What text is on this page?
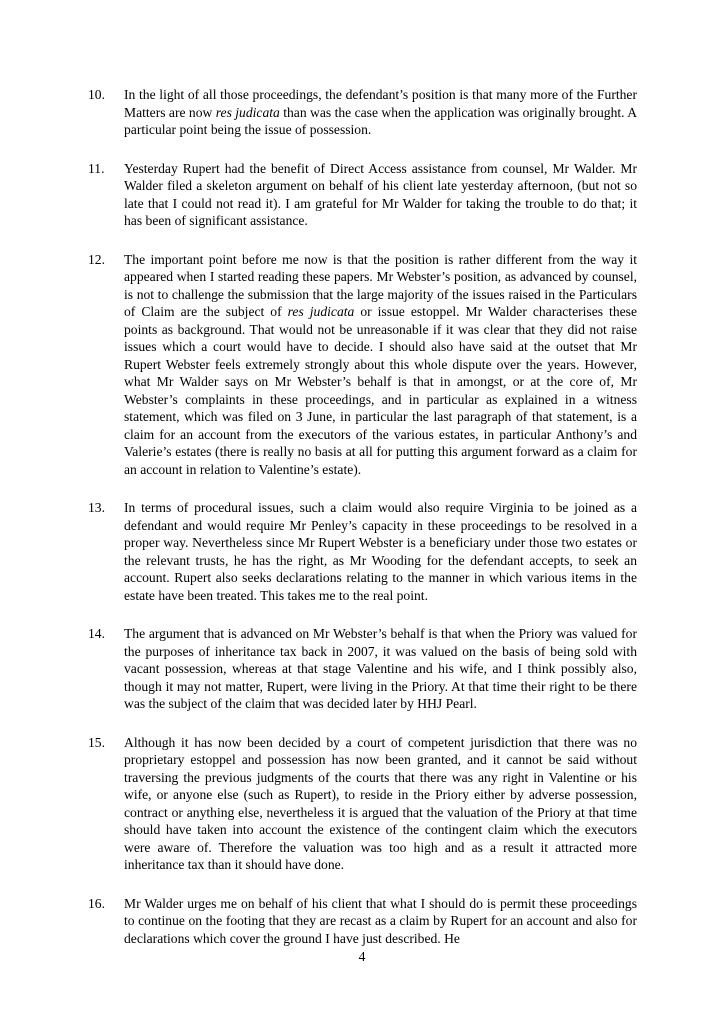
10. In the light of all those proceedings, the defendant’s position is that many more of the Further Matters are now res judicata than was the case when the application was originally brought. A particular point being the issue of possession.
11. Yesterday Rupert had the benefit of Direct Access assistance from counsel, Mr Walder. Mr Walder filed a skeleton argument on behalf of his client late yesterday afternoon, (but not so late that I could not read it). I am grateful for Mr Walder for taking the trouble to do that; it has been of significant assistance.
12. The important point before me now is that the position is rather different from the way it appeared when I started reading these papers. Mr Webster’s position, as advanced by counsel, is not to challenge the submission that the large majority of the issues raised in the Particulars of Claim are the subject of res judicata or issue estoppel. Mr Walder characterises these points as background. That would not be unreasonable if it was clear that they did not raise issues which a court would have to decide. I should also have said at the outset that Mr Rupert Webster feels extremely strongly about this whole dispute over the years. However, what Mr Walder says on Mr Webster’s behalf is that in amongst, or at the core of, Mr Webster’s complaints in these proceedings, and in particular as explained in a witness statement, which was filed on 3 June, in particular the last paragraph of that statement, is a claim for an account from the executors of the various estates, in particular Anthony’s and Valerie’s estates (there is really no basis at all for putting this argument forward as a claim for an account in relation to Valentine’s estate).
13. In terms of procedural issues, such a claim would also require Virginia to be joined as a defendant and would require Mr Penley’s capacity in these proceedings to be resolved in a proper way. Nevertheless since Mr Rupert Webster is a beneficiary under those two estates or the relevant trusts, he has the right, as Mr Wooding for the defendant accepts, to seek an account. Rupert also seeks declarations relating to the manner in which various items in the estate have been treated. This takes me to the real point.
14. The argument that is advanced on Mr Webster’s behalf is that when the Priory was valued for the purposes of inheritance tax back in 2007, it was valued on the basis of being sold with vacant possession, whereas at that stage Valentine and his wife, and I think possibly also, though it may not matter, Rupert, were living in the Priory. At that time their right to be there was the subject of the claim that was decided later by HHJ Pearl.
15. Although it has now been decided by a court of competent jurisdiction that there was no proprietary estoppel and possession has now been granted, and it cannot be said without traversing the previous judgments of the courts that there was any right in Valentine or his wife, or anyone else (such as Rupert), to reside in the Priory either by adverse possession, contract or anything else, nevertheless it is argued that the valuation of the Priory at that time should have taken into account the existence of the contingent claim which the executors were aware of. Therefore the valuation was too high and as a result it attracted more inheritance tax than it should have done.
16. Mr Walder urges me on behalf of his client that what I should do is permit these proceedings to continue on the footing that they are recast as a claim by Rupert for an account and also for declarations which cover the ground I have just described. He
4
